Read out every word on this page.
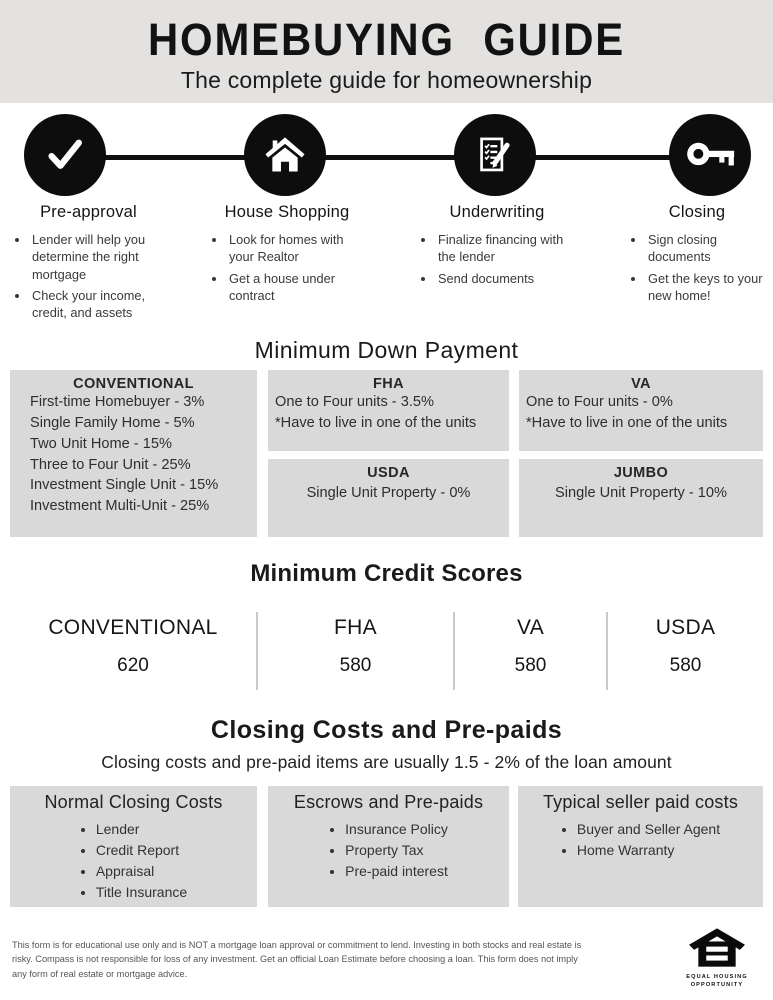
HOMEBUYING GUIDE
The complete guide for homeownership
Pre-approval
• Lender will help you determine the right mortgage
• Check your income, credit, and assets
House Shopping
• Look for homes with your Realtor
• Get a house under contract
Underwriting
• Finalize financing with the lender
• Send documents
Closing
• Sign closing documents
• Get the keys to your new home!
Minimum Down Payment
CONVENTIONAL
First-time Homebuyer - 3%
Single Family Home - 5%
Two Unit Home - 15%
Three to Four Unit - 25%
Investment Single Unit - 15%
Investment Multi-Unit - 25%
FHA
One to Four units - 3.5%
*Have to live in one of the units
VA
One to Four units - 0%
*Have to live in one of the units
USDA
Single Unit Property - 0%
JUMBO
Single Unit Property - 10%
Minimum Credit Scores
CONVENTIONAL
620
FHA
580
VA
580
USDA
580
Closing Costs and Pre-paids
Closing costs and pre-paid items are usually 1.5 - 2% of the loan amount
Normal Closing Costs
• Lender
• Credit Report
• Appraisal
• Title Insurance
Escrows and Pre-paids
• Insurance Policy
• Property Tax
• Pre-paid interest
Typical seller paid costs
• Buyer and Seller Agent
• Home Warranty
This form is for educational use only and is NOT a mortgage loan approval or commitment to lend. Investing in both stocks and real estate is risky. Compass is not responsible for loss of any investment. Get an official Loan Estimate before choosing a loan. This form does not imply any form of real estate or mortgage advice.	EQUAL HOUSING
OPPORTUNITY
